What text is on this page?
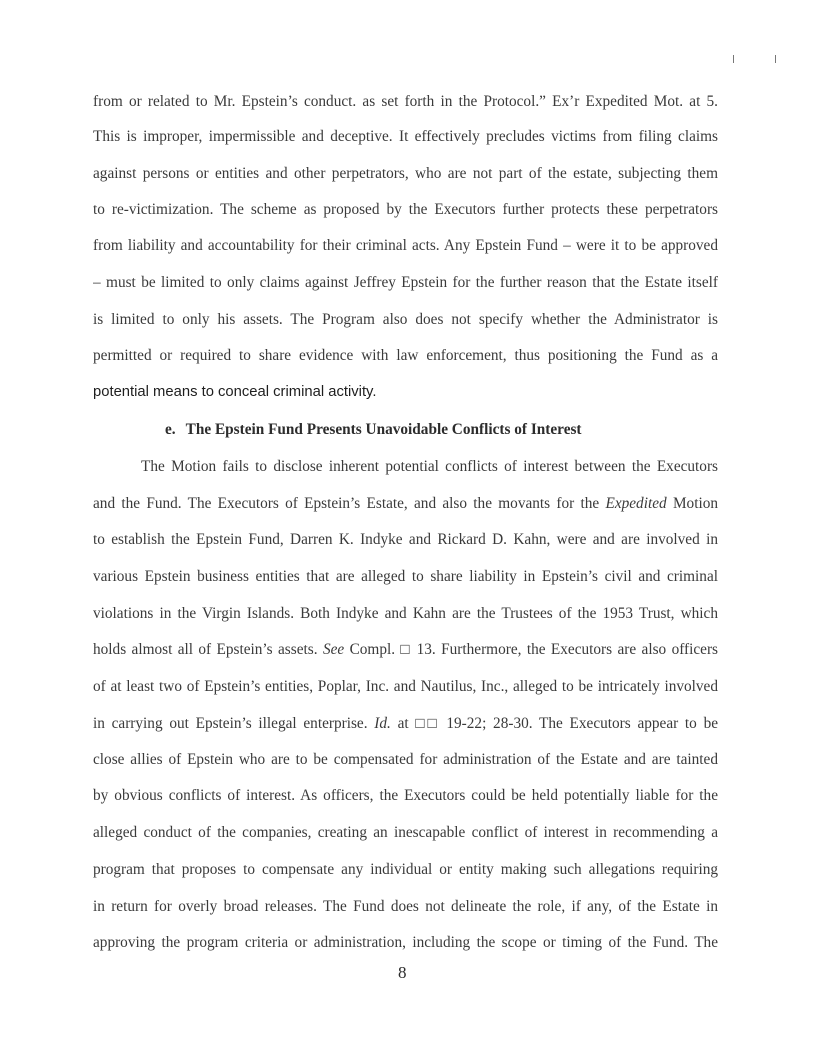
from or related to Mr. Epstein’s conduct. as set forth in the Protocol.” Ex’r Expedited Mot. at 5.
This is improper, impermissible and deceptive. It effectively precludes victims from filing claims
against persons or entities and other perpetrators, who are not part of the estate, subjecting them
to re-victimization. The scheme as proposed by the Executors further protects these perpetrators
from liability and accountability for their criminal acts. Any Epstein Fund – were it to be approved
– must be limited to only claims against Jeffrey Epstein for the further reason that the Estate itself
is limited to only his assets. The Program also does not specify whether the Administrator is
permitted or required to share evidence with law enforcement, thus positioning the Fund as a
potential means to conceal criminal activity.
e. The Epstein Fund Presents Unavoidable Conflicts of Interest
The Motion fails to disclose inherent potential conflicts of interest between the Executors
and the Fund. The Executors of Epstein’s Estate, and also the movants for the Expedited Motion
to establish the Epstein Fund, Darren K. Indyke and Rickard D. Kahn, were and are involved in
various Epstein business entities that are alleged to share liability in Epstein’s civil and criminal
violations in the Virgin Islands. Both Indyke and Kahn are the Trustees of the 1953 Trust, which
holds almost all of Epstein’s assets. See Compl. □ 13. Furthermore, the Executors are also officers
of at least two of Epstein’s entities, Poplar, Inc. and Nautilus, Inc., alleged to be intricately involved
in carrying out Epstein’s illegal enterprise. Id. at □□ 19-22; 28-30. The Executors appear to be
close allies of Epstein who are to be compensated for administration of the Estate and are tainted
by obvious conflicts of interest. As officers, the Executors could be held potentially liable for the
alleged conduct of the companies, creating an inescapable conflict of interest in recommending a
program that proposes to compensate any individual or entity making such allegations requiring
in return for overly broad releases. The Fund does not delineate the role, if any, of the Estate in
approving the program criteria or administration, including the scope or timing of the Fund. The
8
